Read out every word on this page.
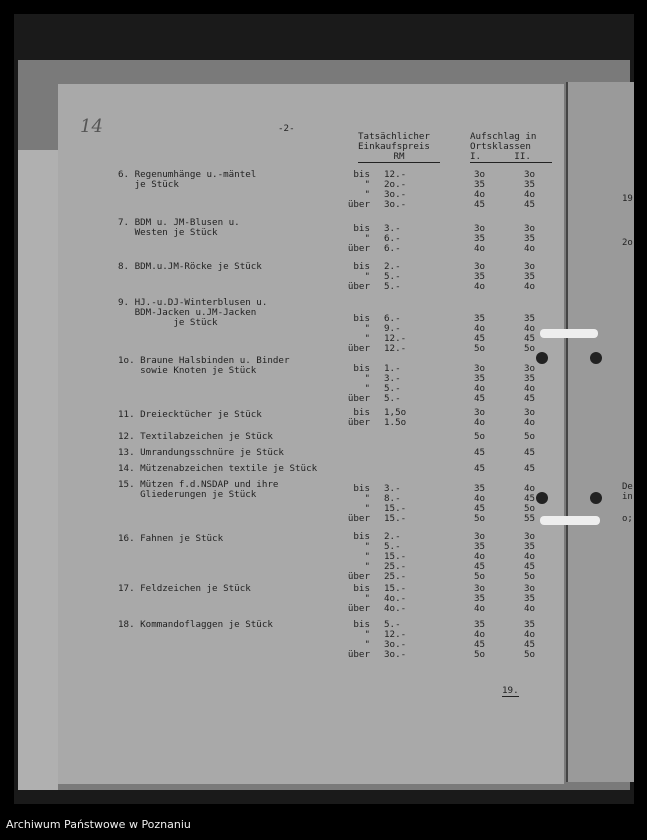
19
2o
De
in
o;
14	-2-
Tatsächlicher
Einkaufspreis
RM
Aufschlag in
Ortsklassen
I.	II.
6. Regenumhänge u.-mäntel
je Stück
bis 12.-	3o	3o
" 2o.-	35	35
" 3o.-	4o	4o
über 3o.-	45	45
7. BDM u. JM-Blusen u.
Westen je Stück	bis 3.-	3o	3o
" 6.-	35	35
über 6.-	4o	4o
8. BDM.u.JM-Röcke je Stück	bis 2.-	3o	3o
" 5.-	35	35
über 5.-	4o	4o
9. HJ.-u.DJ-Winterblusen u.
BDM-Jacken u.JM-Jacken
je Stück	bis 6.-	35	35
" 9.-	4o	4o
" 12.-	45	45
über 12.-	5o	5o
1o. Braune Halsbinden u. Binder
sowie Knoten je Stück	bis 1.-	3o	3o
" 3.-	35	35
" 5.-	4o	4o
über 5.-	45	45
11. Dreiecktücher je Stück	bis 1,5o	3o	3o
über 1.5o	4o	4o
12. Textilabzeichen je Stück	5o	5o
13. Umrandungsschnüre je Stück	45	45
14. Mützenabzeichen textile je Stück	45	45
15. Mützen f.d.NSDAP und ihre
Gliederungen je Stück
bis 3.-	35	4o
" 8.-	4o	45
" 15.-	45	5o
über 15.-	5o	55
16. Fahnen je Stück	bis 2.-	3o	3o
" 5.-	35	35
" 15.-	4o	4o
" 25.-	45	45
über 25.-	5o	5o
17. Feldzeichen je Stück	bis 15.-	3o	3o
" 4o.-	35	35
über 4o.-	4o	4o
18. Kommandoflaggen je Stück	bis 5.-	35	35
" 12.-	4o	4o
" 3o.-	45	45
über 3o.-	5o	5o
19.
Archiwum Państwowe w Poznaniu
